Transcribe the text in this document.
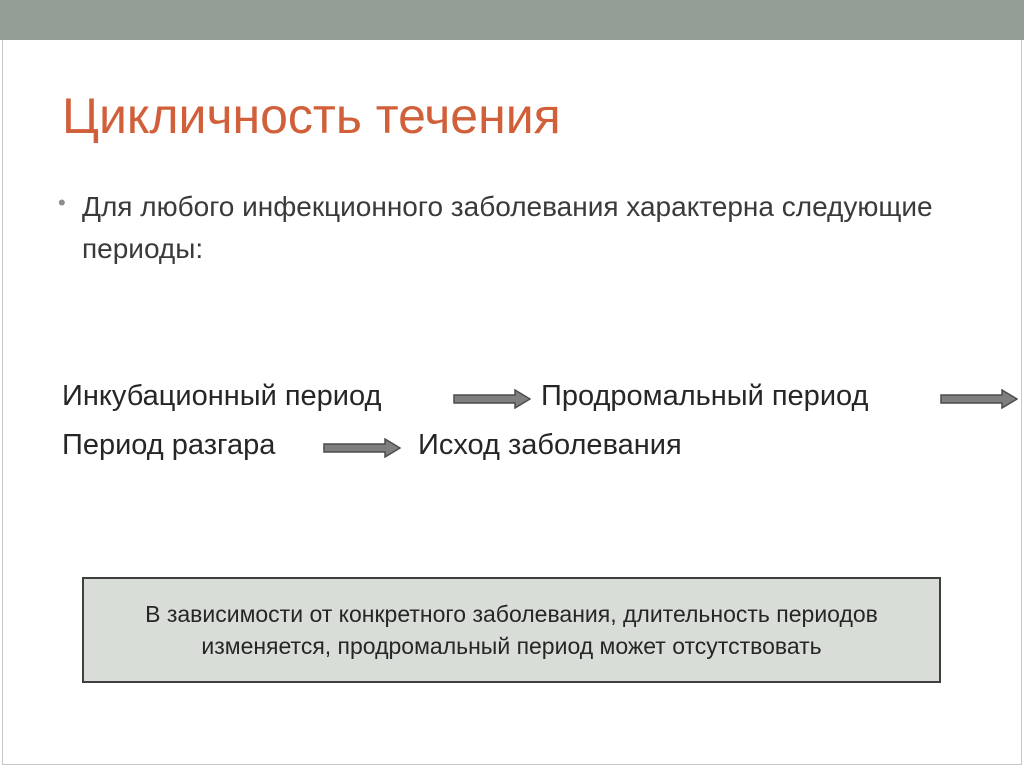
Цикличность течения
• Для любого инфекционного заболевания характерна следующие периоды:
Инкубационный период	Продромальный период
Период разгара	Исход заболевания
В зависимости от конкретного заболевания, длительность периодов изменяется, продромальный период может отсутствовать
